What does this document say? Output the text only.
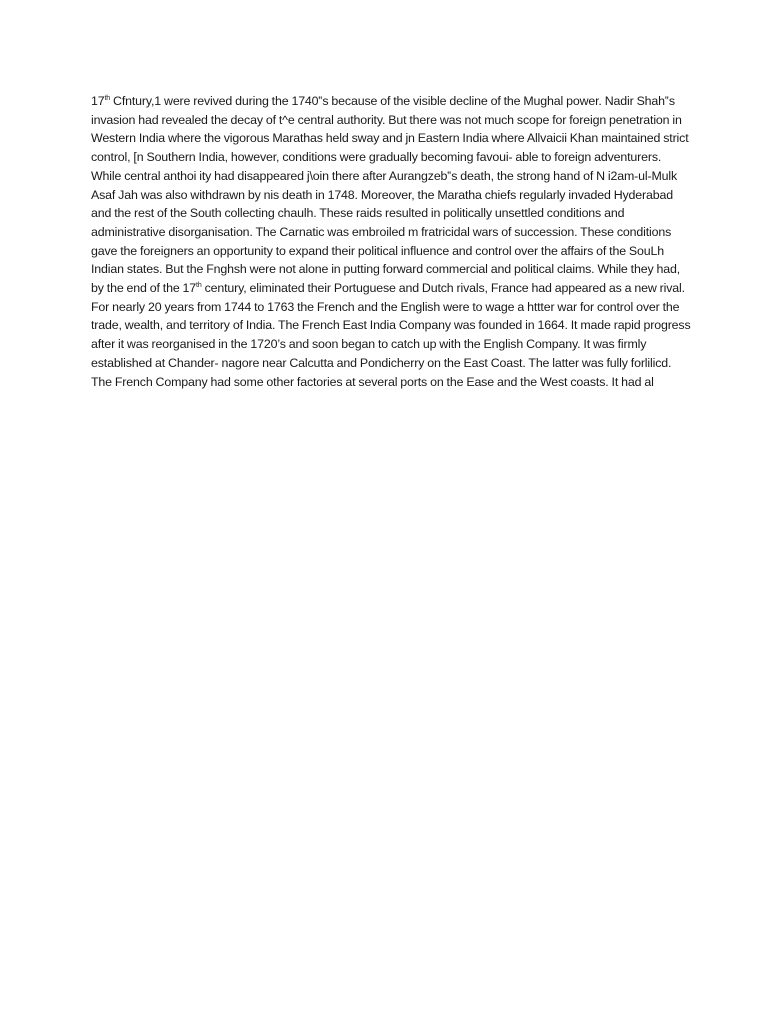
17th Cfntury,1 were revived during the 1740‟s because of the visible decline of the Mughal power. Nadir Shah‟s invasion had revealed the decay of t^e central authority. But there was not much scope for foreign penetration in Western India where the vigorous Marathas held sway and jn Eastern India where Allvaicii Khan maintained strict control, [n Southern India, however, conditions were gradually becoming favoui- able to foreign adventurers. While central anthoi ity had disappeared j\oin there after Aurangzeb‟s death, the strong hand of N i2am-ul-Mulk Asaf Jah was also withdrawn by nis death in 1748. Moreover, the Maratha chiefs regularly invaded Hyderabad and the rest of the South collecting chaulh. These raids resulted in politically unsettled conditions and administrative disorganisation. The Carnatic was embroiled m fratricidal wars of succession. These conditions gave the foreigners an opportunity to expand their political influence and control over the affairs of the SouLh Indian states. But the Fnghsh were not alone in putting forward commercial and political claims. While they had, by the end of the 17th century, eliminated their Portuguese and Dutch rivals, France had appeared as a new rival. For nearly 20 years from 1744 to 1763 the French and the English were to wage a httter war for control over the trade, wealth, and territory of India. The French East India Company was founded in 1664. It made rapid progress after it was reorganised in the 1720’s and soon began to catch up with the English Company. It was firmly established at Chander- nagore near Calcutta and Pondicherry on the East Coast. The latter was fully forlilicd. The French Company had some other factories at several ports on the Ease and the West coasts. It had al
